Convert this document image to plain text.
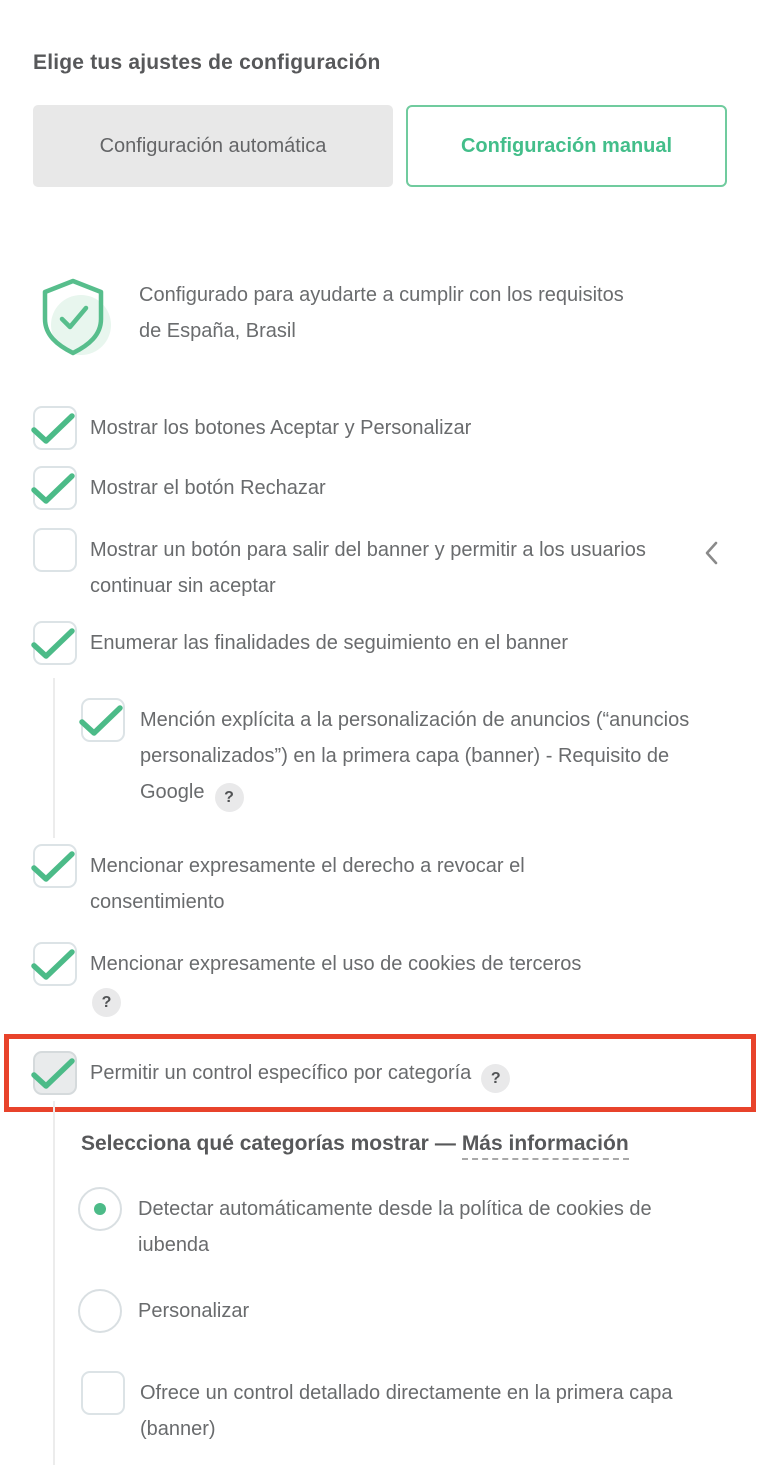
Elige tus ajustes de configuración
Configuración automática	Configuración manual
Configurado para ayudarte a cumplir con los requisitos de España, Brasil
Mostrar los botones Aceptar y Personalizar
Mostrar el botón Rechazar
Mostrar un botón para salir del banner y permitir a los usuarios continuar sin aceptar
Enumerar las finalidades de seguimiento en el banner
Mención explícita a la personalización de anuncios (“anuncios personalizados”) en la primera capa (banner) - Requisito de Google ?
Mencionar expresamente el derecho a revocar el consentimiento
Mencionar expresamente el uso de cookies de terceros
?
Permitir un control específico por categoría ?
Selecciona qué categorías mostrar — Más información
Detectar automáticamente desde la política de cookies de iubenda
Personalizar
Ofrece un control detallado directamente en la primera capa (banner)
